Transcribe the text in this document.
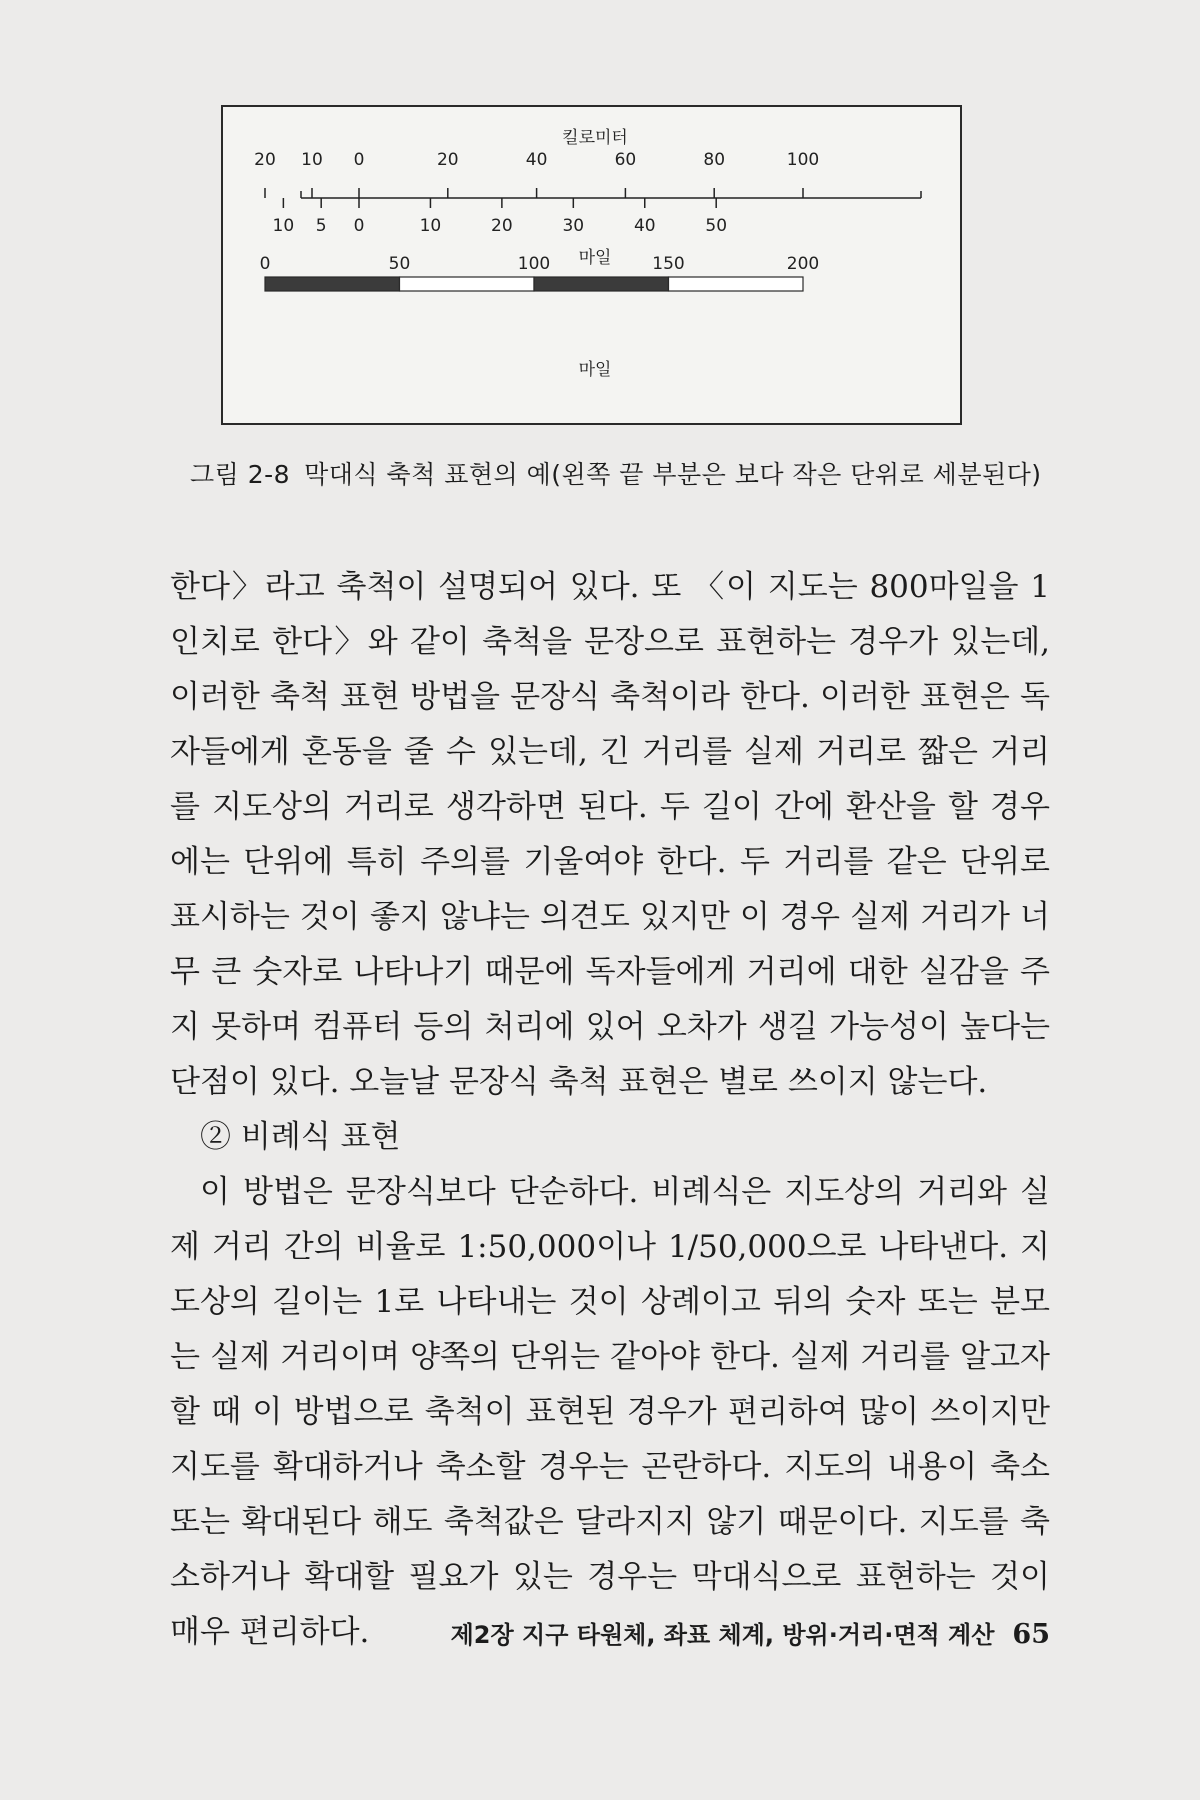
킬로미터
20 10 0	20	40	60	80	100
10 5 0	10	20	30	40	50
마일
0	50	100	150	200
마일
그림 2-8 막대식 축척 표현의 예(왼쪽 끝 부분은 보다 작은 단위로 세분된다)

한다〉라고 축척이 설명되어 있다. 또 〈이 지도는 800마일을 1인치로 한다〉와 같이 축척을 문장으로 표현하는 경우가 있는데, 이러한 축척 표현 방법을 문장식 축척이라 한다. 이러한 표현은 독자들에게 혼동을 줄 수 있는데, 긴 거리를 실제 거리로 짧은 거리를 지도상의 거리로 생각하면 된다. 두 길이 간에 환산을 할 경우에는 단위에 특히 주의를 기울여야 한다. 두 거리를 같은 단위로 표시하는 것이 좋지 않냐는 의견도 있지만 이 경우 실제 거리가 너무 큰 숫자로 나타나기 때문에 독자들에게 거리에 대한 실감을 주지 못하며 컴퓨터 등의 처리에 있어 오차가 생길 가능성이 높다는 단점이 있다. 오늘날 문장식 축척 표현은 별로 쓰이지 않는다.

② 비례식 표현

이 방법은 문장식보다 단순하다. 비례식은 지도상의 거리와 실제 거리 간의 비율로 1:50,000이나 1/50,000으로 나타낸다. 지도상의 길이는 1로 나타내는 것이 상례이고 뒤의 숫자 또는 분모는 실제 거리이며 양쪽의 단위는 같아야 한다. 실제 거리를 알고자 할 때 이 방법으로 축척이 표현된 경우가 편리하여 많이 쓰이지만 지도를 확대하거나 축소할 경우는 곤란하다. 지도의 내용이 축소 또는 확대된다 해도 축척값은 달라지지 않기 때문이다. 지도를 축소하거나 확대할 필요가 있는 경우는 막대식으로 표현하는 것이 매우 편리하다.	제2장 지구 타원체, 좌표 체계, 방위·거리·면적 계산 65
